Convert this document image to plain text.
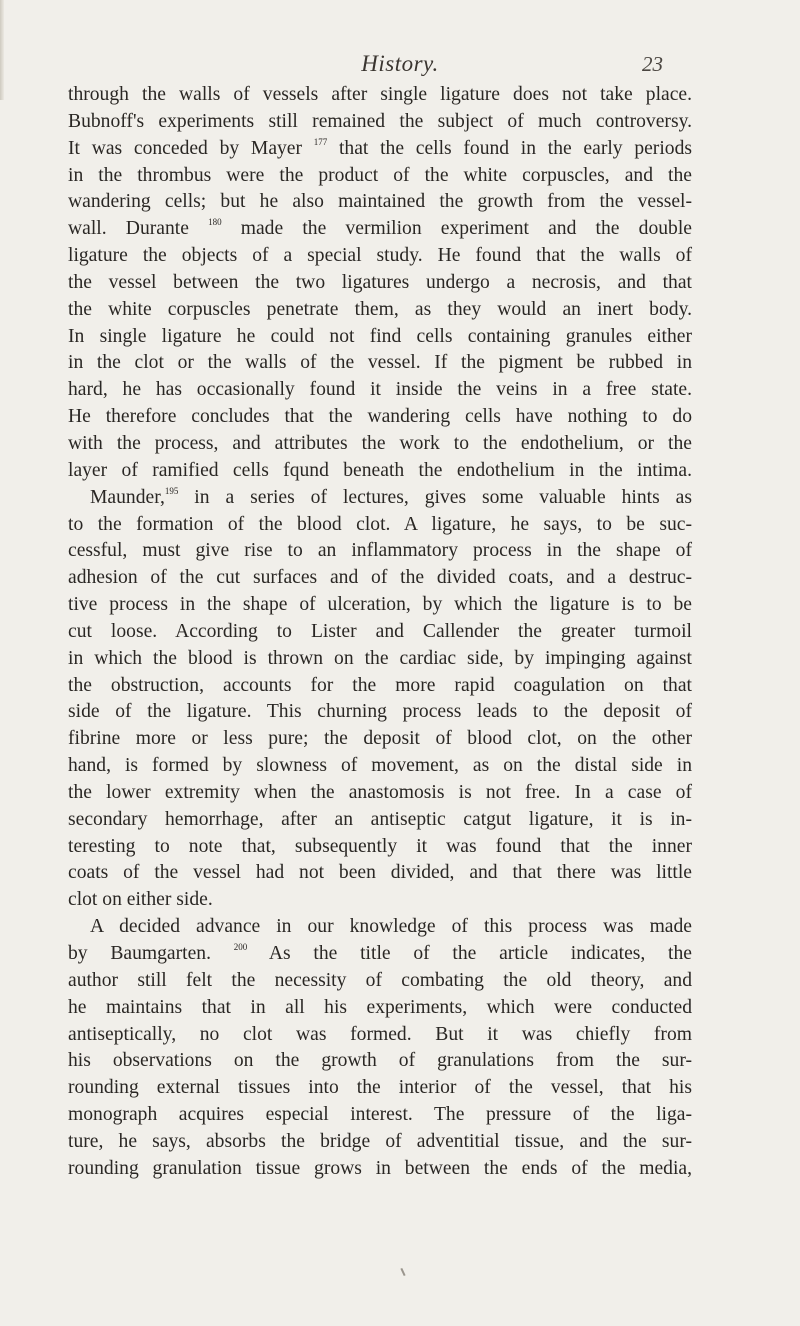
History.	23
through the walls of vessels after single ligature does not take place.
Bubnoff's experiments still remained the subject of much controversy.
It was conceded by Mayer $^{177}$ that the cells found in the early periods
in the thrombus were the product of the white corpuscles, and the
wandering cells; but he also maintained the growth from the vessel-
wall. Durante $^{180}$ made the vermilion experiment and the double
ligature the objects of a special study. He found that the walls of
the vessel between the two ligatures undergo a necrosis, and that
the white corpuscles penetrate them, as they would an inert body.
In single ligature he could not find cells containing granules either
in the clot or the walls of the vessel. If the pigment be rubbed in
hard, he has occasionally found it inside the veins in a free state.
He therefore concludes that the wandering cells have nothing to do
with the process, and attributes the work to the endothelium, or the
layer of ramified cells fqund beneath the endothelium in the intima.
Maunder,$^{195}$ in a series of lectures, gives some valuable hints as
to the formation of the blood clot. A ligature, he says, to be suc-
cessful, must give rise to an inflammatory process in the shape of
adhesion of the cut surfaces and of the divided coats, and a destruc-
tive process in the shape of ulceration, by which the ligature is to be
cut loose. According to Lister and Callender the greater turmoil
in which the blood is thrown on the cardiac side, by impinging against
the obstruction, accounts for the more rapid coagulation on that
side of the ligature. This churning process leads to the deposit of
fibrine more or less pure; the deposit of blood clot, on the other
hand, is formed by slowness of movement, as on the distal side in
the lower extremity when the anastomosis is not free. In a case of
secondary hemorrhage, after an antiseptic catgut ligature, it is in-
teresting to note that, subsequently it was found that the inner
coats of the vessel had not been divided, and that there was little
clot on either side.
A decided advance in our knowledge of this process was made
by Baumgarten. $^{200}$ As the title of the article indicates, the
author still felt the necessity of combating the old theory, and
he maintains that in all his experiments, which were conducted
antiseptically, no clot was formed. But it was chiefly from
his observations on the growth of granulations from the sur-
rounding external tissues into the interior of the vessel, that his
monograph acquires especial interest. The pressure of the liga-
ture, he says, absorbs the bridge of adventitial tissue, and the sur-
rounding granulation tissue grows in between the ends of the media,
